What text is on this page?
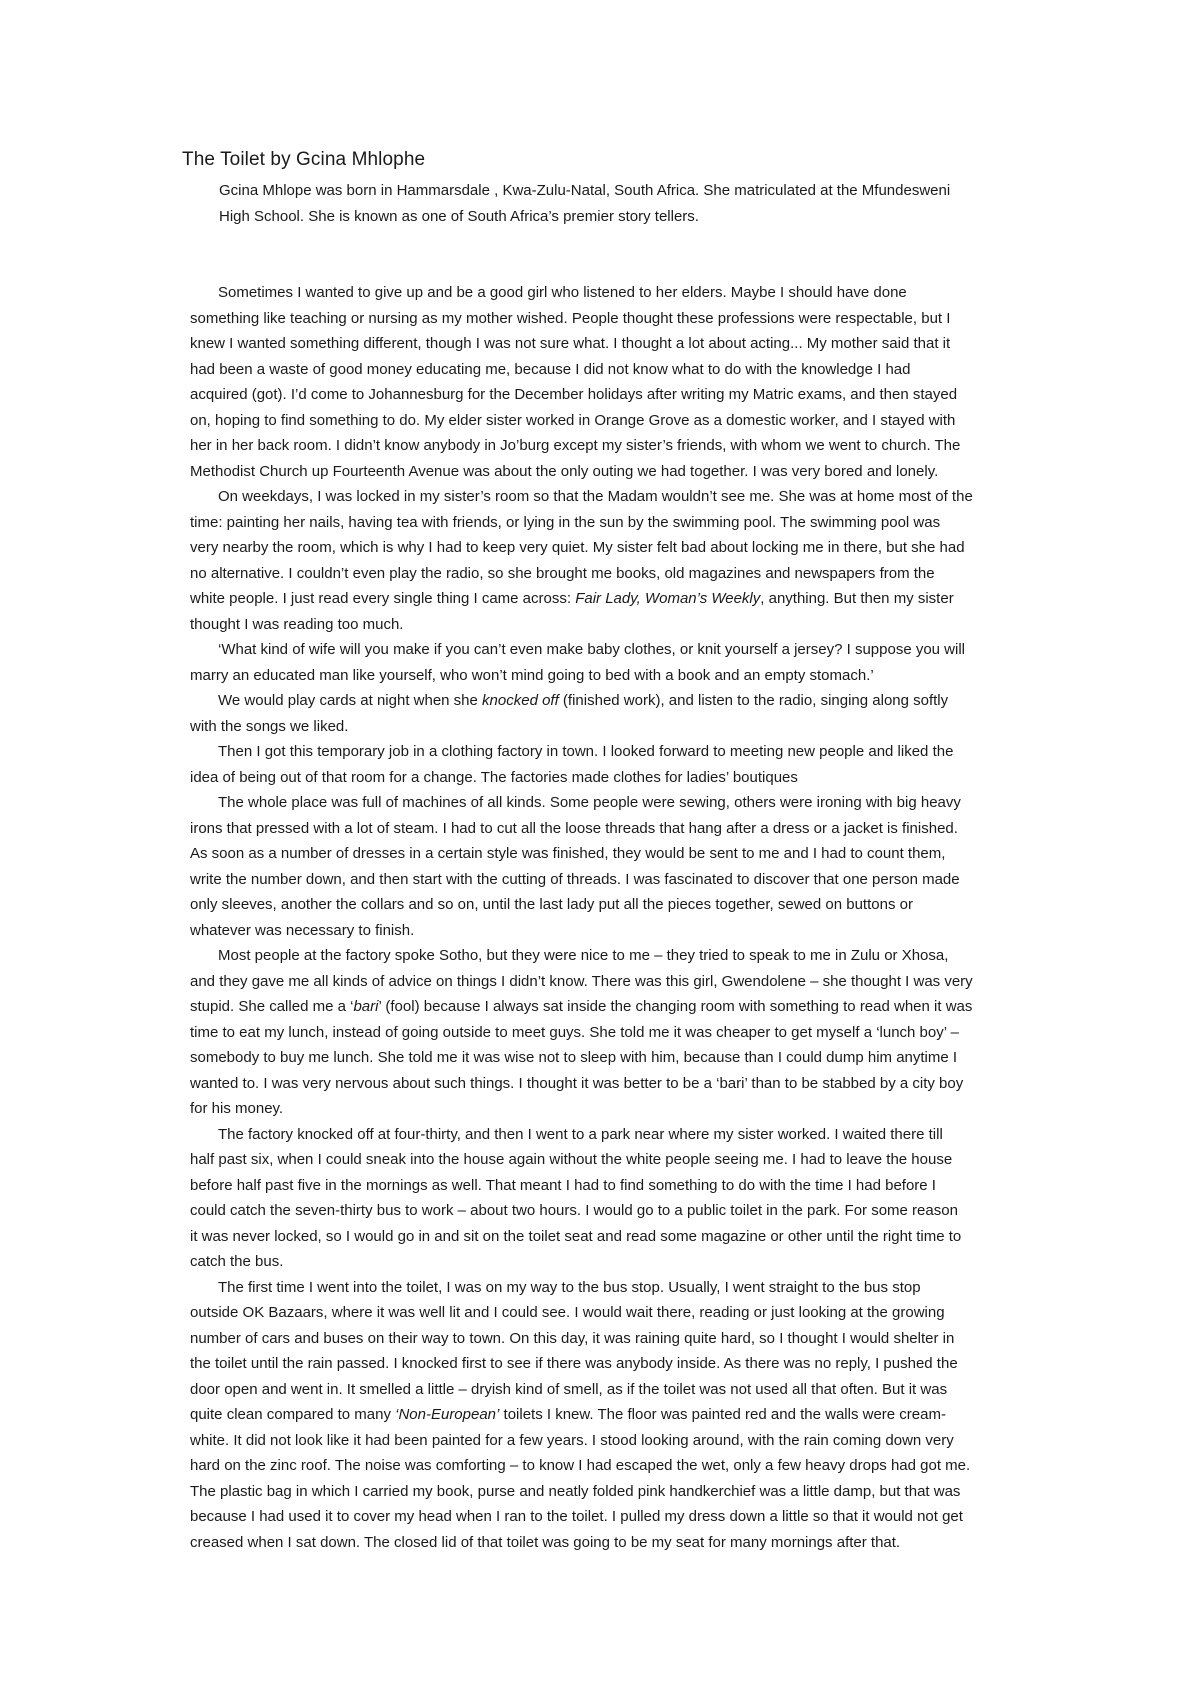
The Toilet by Gcina Mhlophe
Gcina Mhlope was born in Hammarsdale , Kwa-Zulu-Natal, South Africa. She matriculated at the Mfundesweni
High School. She is known as one of South Africa’s premier story tellers.
Sometimes I wanted to give up and be a good girl who listened to her elders. Maybe I should have done
something like teaching or nursing as my mother wished. People thought these professions were respectable, but I
knew I wanted something different, though I was not sure what. I thought a lot about acting... My mother said that it
had been a waste of good money educating me, because I did not know what to do with the knowledge I had
acquired (got). I’d come to Johannesburg for the December holidays after writing my Matric exams, and then stayed
on, hoping to find something to do. My elder sister worked in Orange Grove as a domestic worker, and I stayed with
her in her back room. I didn’t know anybody in Jo’burg except my sister’s friends, with whom we went to church. The
Methodist Church up Fourteenth Avenue was about the only outing we had together. I was very bored and lonely.
On weekdays, I was locked in my sister’s room so that the Madam wouldn’t see me. She was at home most of the
time: painting her nails, having tea with friends, or lying in the sun by the swimming pool. The swimming pool was
very nearby the room, which is why I had to keep very quiet. My sister felt bad about locking me in there, but she had
no alternative. I couldn’t even play the radio, so she brought me books, old magazines and newspapers from the
white people. I just read every single thing I came across: Fair Lady, Woman’s Weekly, anything. But then my sister
thought I was reading too much.
‘What kind of wife will you make if you can’t even make baby clothes, or knit yourself a jersey? I suppose you will
marry an educated man like yourself, who won’t mind going to bed with a book and an empty stomach.’
We would play cards at night when she knocked off (finished work), and listen to the radio, singing along softly
with the songs we liked.
Then I got this temporary job in a clothing factory in town. I looked forward to meeting new people and liked the
idea of being out of that room for a change. The factories made clothes for ladies’ boutiques
The whole place was full of machines of all kinds. Some people were sewing, others were ironing with big heavy
irons that pressed with a lot of steam. I had to cut all the loose threads that hang after a dress or a jacket is finished.
As soon as a number of dresses in a certain style was finished, they would be sent to me and I had to count them,
write the number down, and then start with the cutting of threads. I was fascinated to discover that one person made
only sleeves, another the collars and so on, until the last lady put all the pieces together, sewed on buttons or
whatever was necessary to finish.
Most people at the factory spoke Sotho, but they were nice to me – they tried to speak to me in Zulu or Xhosa,
and they gave me all kinds of advice on things I didn’t know. There was this girl, Gwendolene – she thought I was very
stupid. She called me a ‘bari’ (fool) because I always sat inside the changing room with something to read when it was
time to eat my lunch, instead of going outside to meet guys. She told me it was cheaper to get myself a ‘lunch boy’ –
somebody to buy me lunch. She told me it was wise not to sleep with him, because than I could dump him anytime I
wanted to. I was very nervous about such things. I thought it was better to be a ‘bari’ than to be stabbed by a city boy
for his money.
The factory knocked off at four-thirty, and then I went to a park near where my sister worked. I waited there till
half past six, when I could sneak into the house again without the white people seeing me. I had to leave the house
before half past five in the mornings as well. That meant I had to find something to do with the time I had before I
could catch the seven-thirty bus to work – about two hours. I would go to a public toilet in the park. For some reason
it was never locked, so I would go in and sit on the toilet seat and read some magazine or other until the right time to
catch the bus.
The first time I went into the toilet, I was on my way to the bus stop. Usually, I went straight to the bus stop
outside OK Bazaars, where it was well lit and I could see. I would wait there, reading or just looking at the growing
number of cars and buses on their way to town. On this day, it was raining quite hard, so I thought I would shelter in
the toilet until the rain passed. I knocked first to see if there was anybody inside. As there was no reply, I pushed the
door open and went in. It smelled a little – dryish kind of smell, as if the toilet was not used all that often. But it was
quite clean compared to many ‘Non-European’ toilets I knew. The floor was painted red and the walls were cream-
white. It did not look like it had been painted for a few years. I stood looking around, with the rain coming down very
hard on the zinc roof. The noise was comforting – to know I had escaped the wet, only a few heavy drops had got me.
The plastic bag in which I carried my book, purse and neatly folded pink handkerchief was a little damp, but that was
because I had used it to cover my head when I ran to the toilet. I pulled my dress down a little so that it would not get
creased when I sat down. The closed lid of that toilet was going to be my seat for many mornings after that.
